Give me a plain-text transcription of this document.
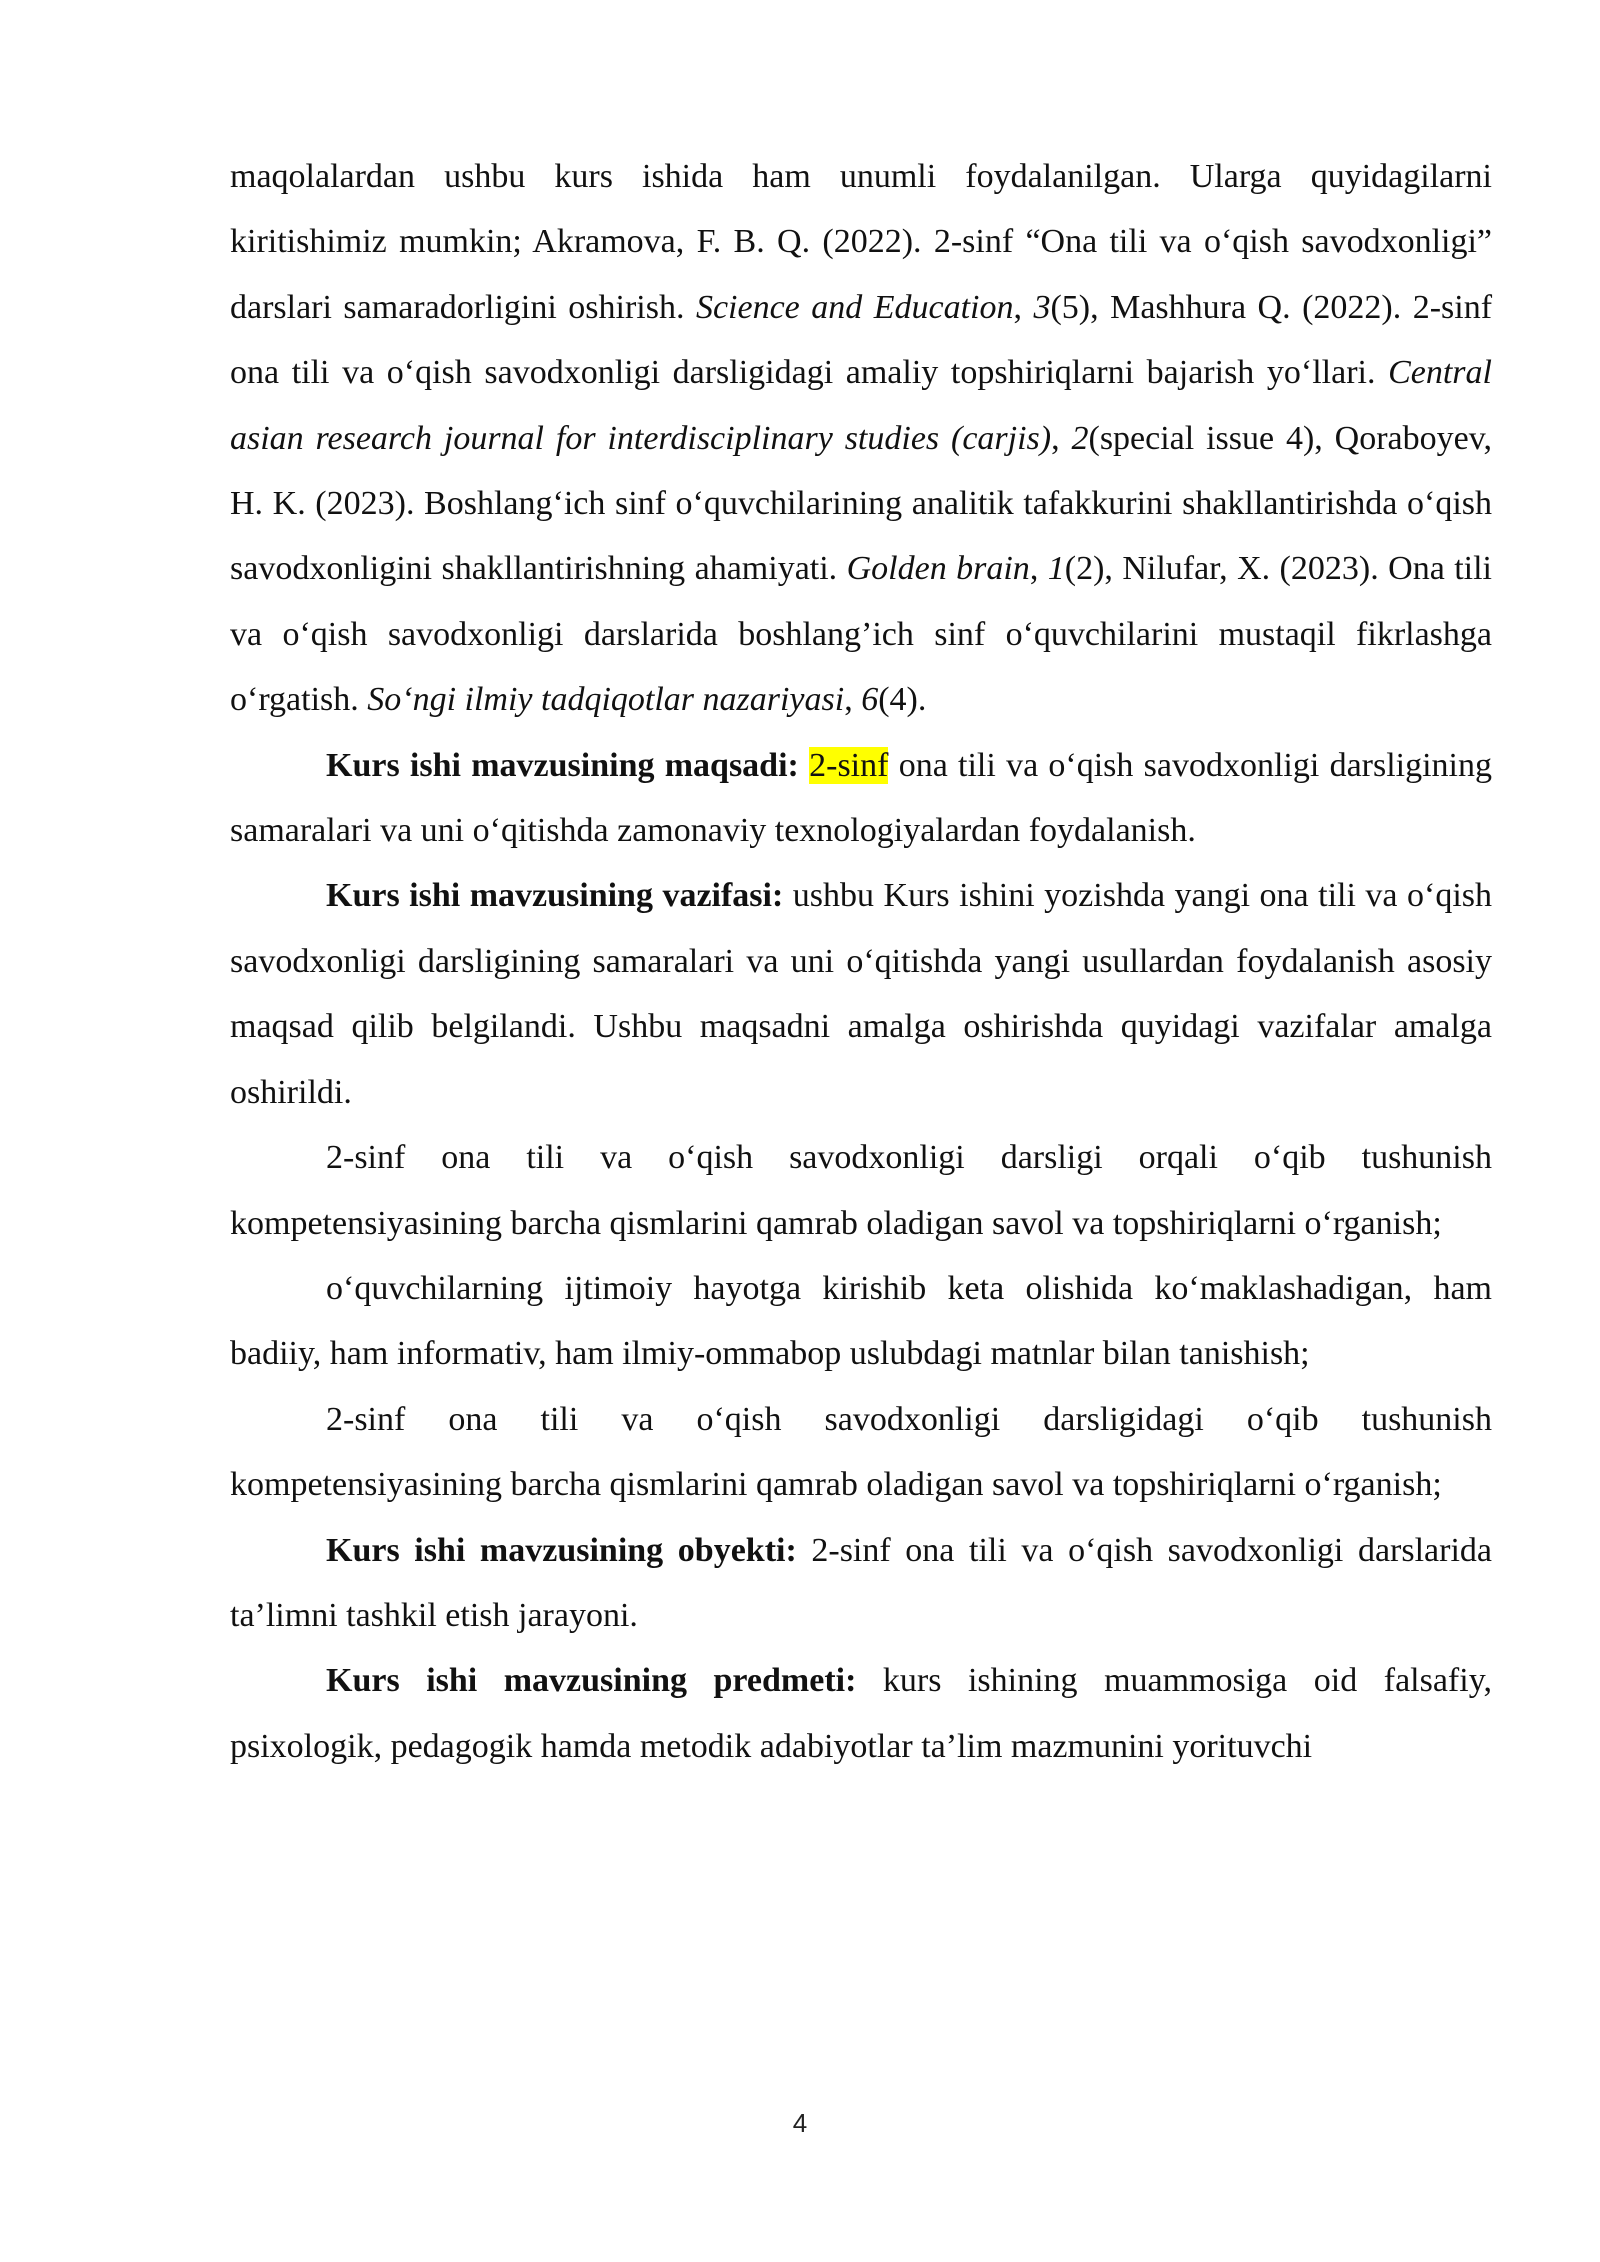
maqolalardan ushbu kurs ishida ham unumli foydalanilgan. Ularga quyidagilarni kiritishimiz mumkin; Akramova, F. B. Q. (2022). 2-sinf “Ona tili va o‘qish savodxonligi” darslari samaradorligini oshirish. Science and Education, 3(5), Mashhura Q. (2022). 2-sinf ona tili va o‘qish savodxonligi darsligidagi amaliy topshiriqlarni bajarish yo‘llari. Central asian research journal for interdisciplinary studies (carjis), 2(special issue 4), Qoraboyev, H. K. (2023). Boshlang‘ich sinf o‘quvchilarining analitik tafakkurini shakllantirishda o‘qish savodxonligini shakllantirishning ahamiyati. Golden brain, 1(2), Nilufar, X. (2023). Ona tili va o‘qish savodxonligi darslarida boshlang’ich sinf o‘quvchilarini mustaqil fikrlashga o‘rgatish. So‘ngi ilmiy tadqiqotlar nazariyasi, 6(4).

Kurs ishi mavzusining maqsadi: 2-sinf ona tili va o‘qish savodxonligi darsligining samaralari va uni o‘qitishda zamonaviy texnologiyalardan foydalanish.

Kurs ishi mavzusining vazifasi: ushbu Kurs ishini yozishda yangi ona tili va o‘qish savodxonligi darsligining samaralari va uni o‘qitishda yangi usullardan foydalanish asosiy maqsad qilib belgilandi. Ushbu maqsadni amalga oshirishda quyidagi vazifalar amalga oshirildi.

2-sinf ona tili va o‘qish savodxonligi darsligi orqali o‘qib tushunish kompetensiyasining barcha qismlarini qamrab oladigan savol va topshiriqlarni o‘rganish;

o‘quvchilarning ijtimoiy hayotga kirishib keta olishida ko‘maklashadigan, ham badiiy, ham informativ, ham ilmiy-ommabop uslubdagi matnlar bilan tanishish;

2-sinf ona tili va o‘qish savodxonligi darsligidagi o‘qib tushunish kompetensiyasining barcha qismlarini qamrab oladigan savol va topshiriqlarni o‘rganish;

Kurs ishi mavzusining obyekti: 2-sinf ona tili va o‘qish savodxonligi darslarida ta’limni tashkil etish jarayoni.

Kurs ishi mavzusining predmeti: kurs ishining muammosiga oid falsafiy, psixologik, pedagogik hamda metodik adabiyotlar ta’lim mazmunini yorituvchi

4
